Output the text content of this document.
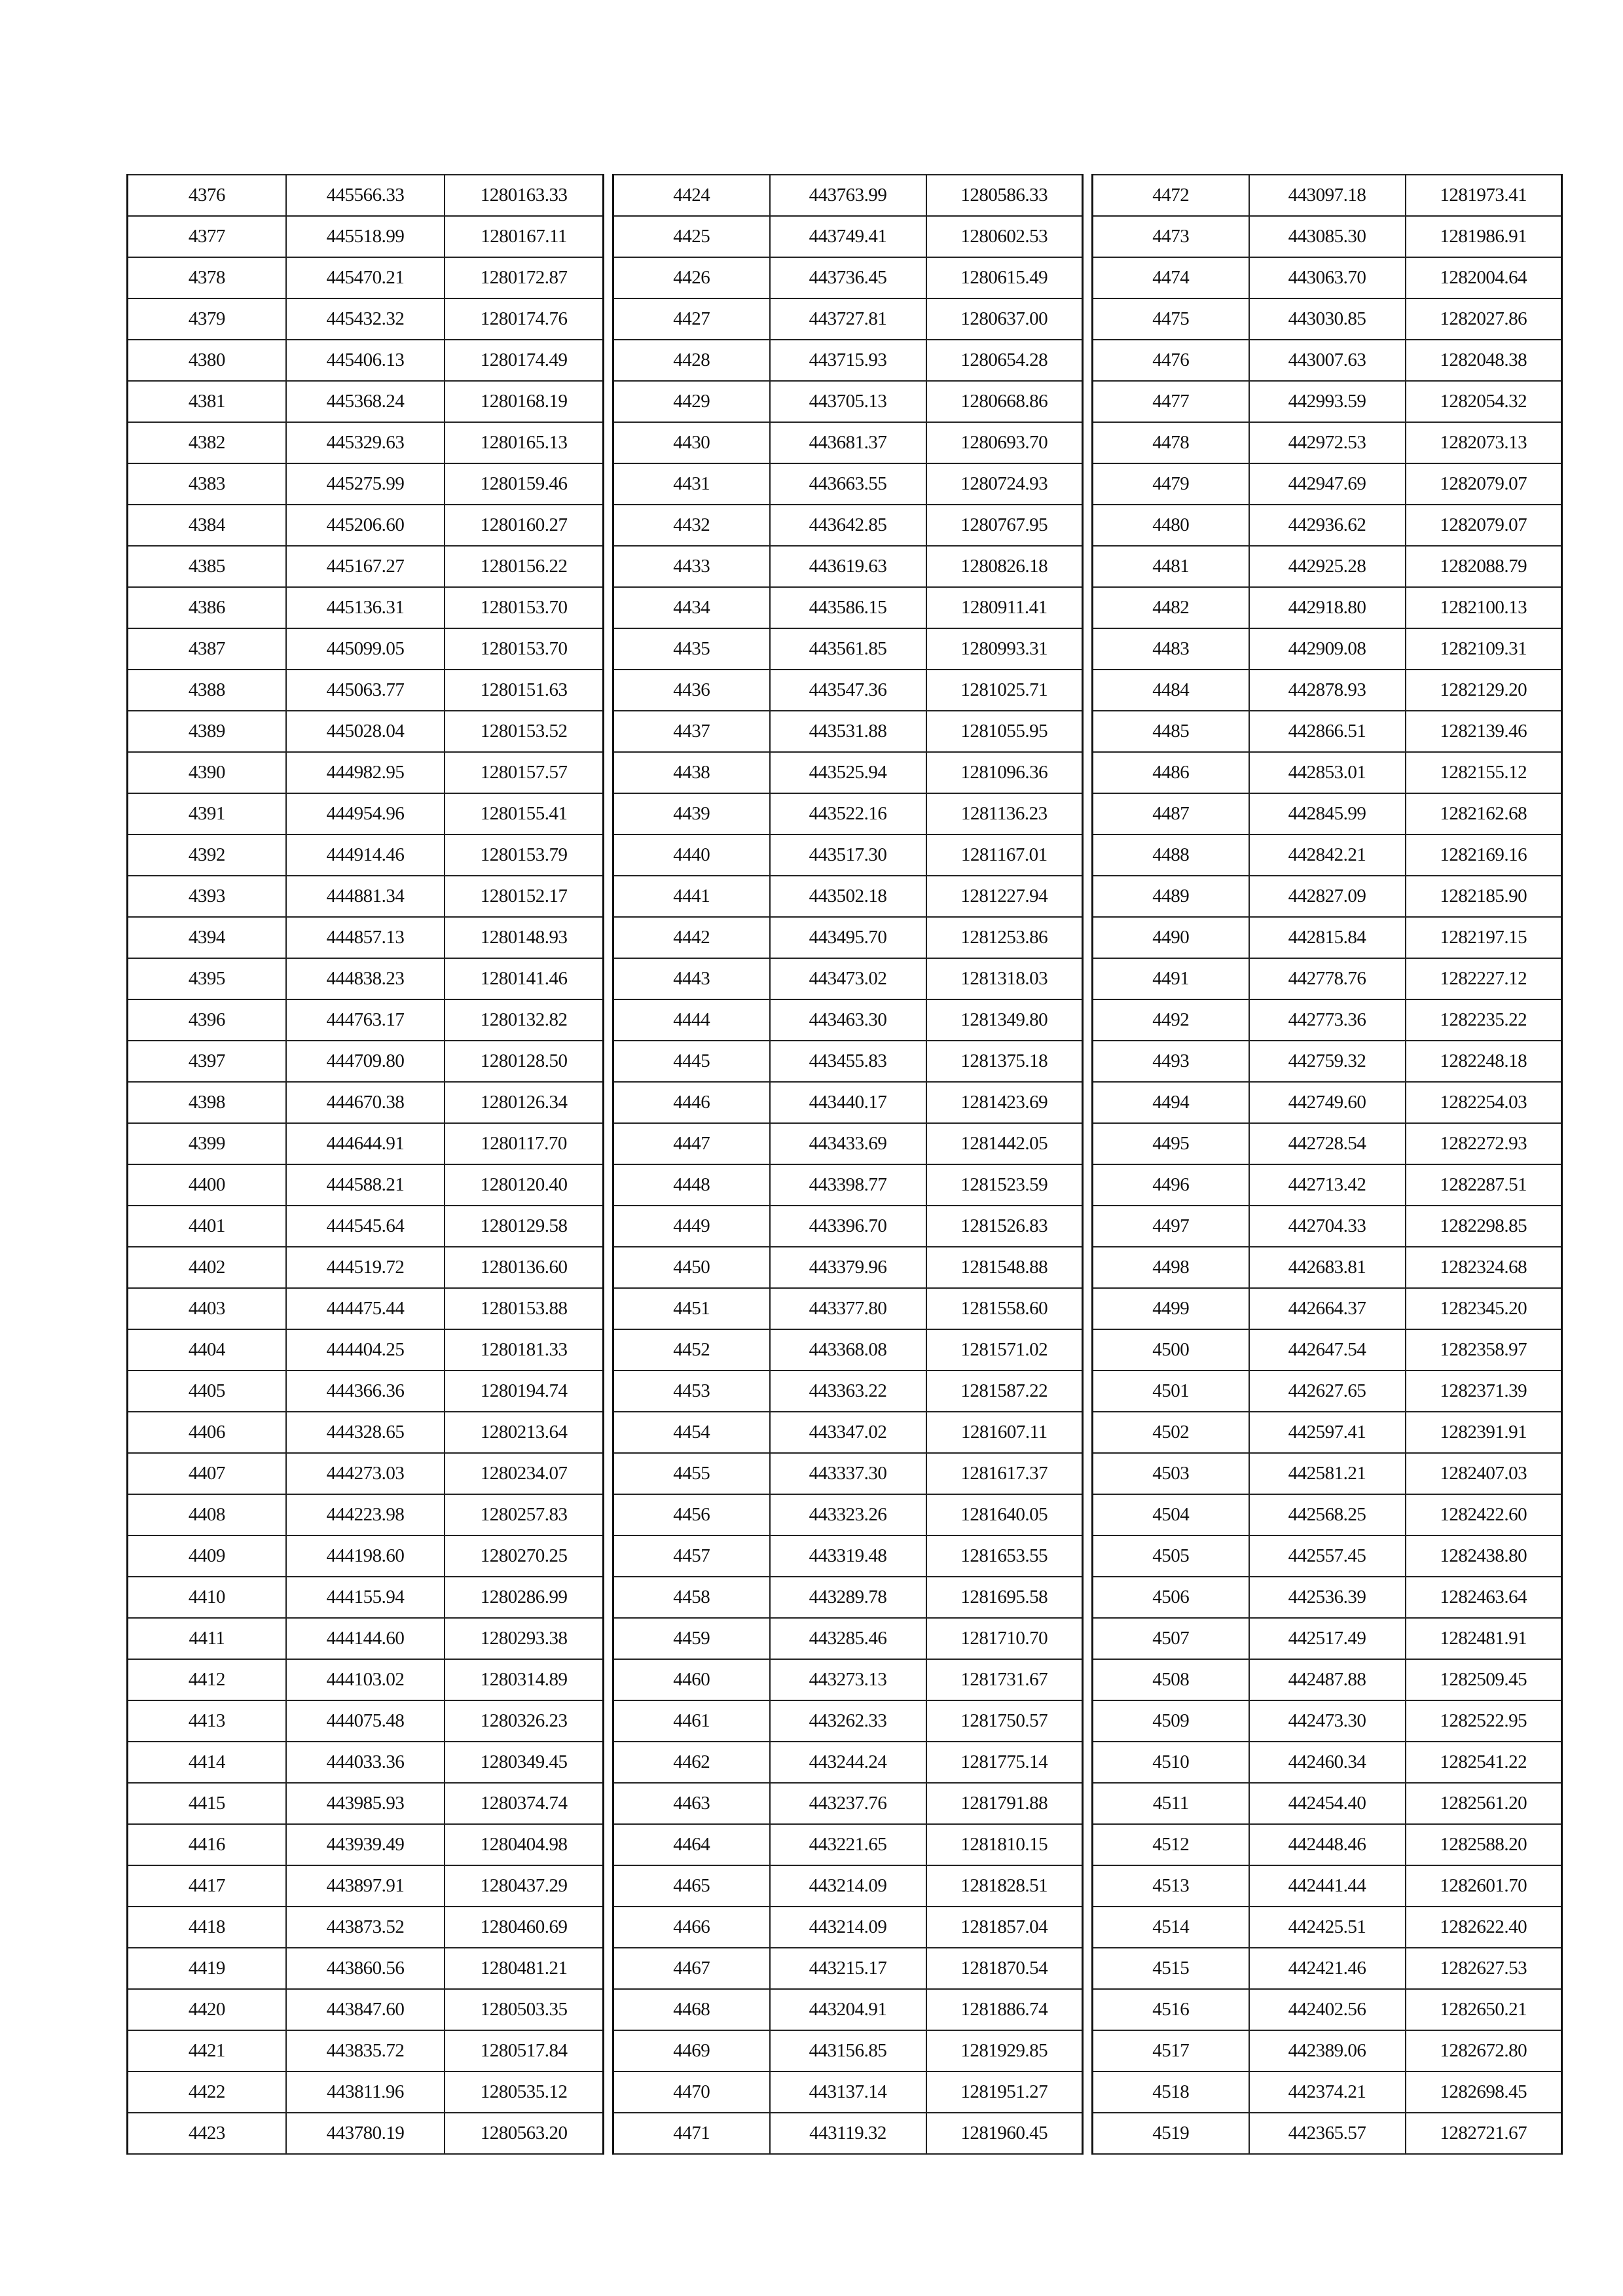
4376	445566.33	1280163.33
4377	445518.99	1280167.11
4378	445470.21	1280172.87
4379	445432.32	1280174.76
4380	445406.13	1280174.49
4381	445368.24	1280168.19
4382	445329.63	1280165.13
4383	445275.99	1280159.46
4384	445206.60	1280160.27
4385	445167.27	1280156.22
4386	445136.31	1280153.70
4387	445099.05	1280153.70
4388	445063.77	1280151.63
4389	445028.04	1280153.52
4390	444982.95	1280157.57
4391	444954.96	1280155.41
4392	444914.46	1280153.79
4393	444881.34	1280152.17
4394	444857.13	1280148.93
4395	444838.23	1280141.46
4396	444763.17	1280132.82
4397	444709.80	1280128.50
4398	444670.38	1280126.34
4399	444644.91	1280117.70
4400	444588.21	1280120.40
4401	444545.64	1280129.58
4402	444519.72	1280136.60
4403	444475.44	1280153.88
4404	444404.25	1280181.33
4405	444366.36	1280194.74
4406	444328.65	1280213.64
4407	444273.03	1280234.07
4408	444223.98	1280257.83
4409	444198.60	1280270.25
4410	444155.94	1280286.99
4411	444144.60	1280293.38
4412	444103.02	1280314.89
4413	444075.48	1280326.23
4414	444033.36	1280349.45
4415	443985.93	1280374.74
4416	443939.49	1280404.98
4417	443897.91	1280437.29
4418	443873.52	1280460.69
4419	443860.56	1280481.21
4420	443847.60	1280503.35
4421	443835.72	1280517.84
4422	443811.96	1280535.12
4423	443780.19	1280563.20
4424	443763.99	1280586.33
4425	443749.41	1280602.53
4426	443736.45	1280615.49
4427	443727.81	1280637.00
4428	443715.93	1280654.28
4429	443705.13	1280668.86
4430	443681.37	1280693.70
4431	443663.55	1280724.93
4432	443642.85	1280767.95
4433	443619.63	1280826.18
4434	443586.15	1280911.41
4435	443561.85	1280993.31
4436	443547.36	1281025.71
4437	443531.88	1281055.95
4438	443525.94	1281096.36
4439	443522.16	1281136.23
4440	443517.30	1281167.01
4441	443502.18	1281227.94
4442	443495.70	1281253.86
4443	443473.02	1281318.03
4444	443463.30	1281349.80
4445	443455.83	1281375.18
4446	443440.17	1281423.69
4447	443433.69	1281442.05
4448	443398.77	1281523.59
4449	443396.70	1281526.83
4450	443379.96	1281548.88
4451	443377.80	1281558.60
4452	443368.08	1281571.02
4453	443363.22	1281587.22
4454	443347.02	1281607.11
4455	443337.30	1281617.37
4456	443323.26	1281640.05
4457	443319.48	1281653.55
4458	443289.78	1281695.58
4459	443285.46	1281710.70
4460	443273.13	1281731.67
4461	443262.33	1281750.57
4462	443244.24	1281775.14
4463	443237.76	1281791.88
4464	443221.65	1281810.15
4465	443214.09	1281828.51
4466	443214.09	1281857.04
4467	443215.17	1281870.54
4468	443204.91	1281886.74
4469	443156.85	1281929.85
4470	443137.14	1281951.27
4471	443119.32	1281960.45
4472	443097.18	1281973.41
4473	443085.30	1281986.91
4474	443063.70	1282004.64
4475	443030.85	1282027.86
4476	443007.63	1282048.38
4477	442993.59	1282054.32
4478	442972.53	1282073.13
4479	442947.69	1282079.07
4480	442936.62	1282079.07
4481	442925.28	1282088.79
4482	442918.80	1282100.13
4483	442909.08	1282109.31
4484	442878.93	1282129.20
4485	442866.51	1282139.46
4486	442853.01	1282155.12
4487	442845.99	1282162.68
4488	442842.21	1282169.16
4489	442827.09	1282185.90
4490	442815.84	1282197.15
4491	442778.76	1282227.12
4492	442773.36	1282235.22
4493	442759.32	1282248.18
4494	442749.60	1282254.03
4495	442728.54	1282272.93
4496	442713.42	1282287.51
4497	442704.33	1282298.85
4498	442683.81	1282324.68
4499	442664.37	1282345.20
4500	442647.54	1282358.97
4501	442627.65	1282371.39
4502	442597.41	1282391.91
4503	442581.21	1282407.03
4504	442568.25	1282422.60
4505	442557.45	1282438.80
4506	442536.39	1282463.64
4507	442517.49	1282481.91
4508	442487.88	1282509.45
4509	442473.30	1282522.95
4510	442460.34	1282541.22
4511	442454.40	1282561.20
4512	442448.46	1282588.20
4513	442441.44	1282601.70
4514	442425.51	1282622.40
4515	442421.46	1282627.53
4516	442402.56	1282650.21
4517	442389.06	1282672.80
4518	442374.21	1282698.45
4519	442365.57	1282721.67
